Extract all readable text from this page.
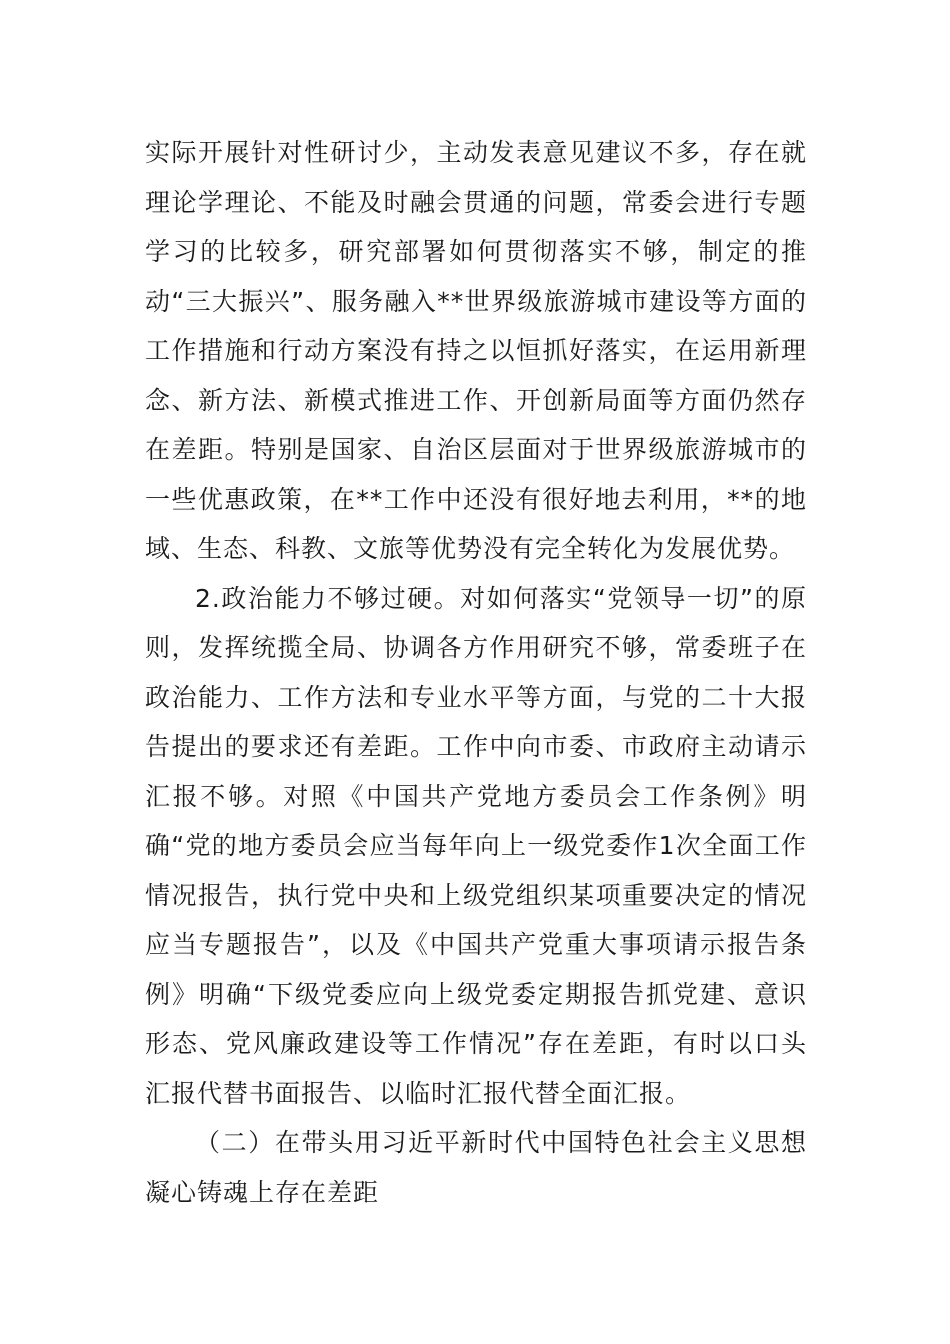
实际开展针对性研讨少，主动发表意见建议不多，存在就理论学理论、不能及时融会贯通的问题，常委会进行专题学习的比较多，研究部署如何贯彻落实不够，制定的推动“三大振兴”、服务融入**世界级旅游城市建设等方面的工作措施和行动方案没有持之以恒抓好落实，在运用新理念、新方法、新模式推进工作、开创新局面等方面仍然存在差距。特别是国家、自治区层面对于世界级旅游城市的一些优惠政策，在**工作中还没有很好地去利用，**的地域、生态、科教、文旅等优势没有完全转化为发展优势。

2.政治能力不够过硬。对如何落实“党领导一切”的原则，发挥统揽全局、协调各方作用研究不够，常委班子在政治能力、工作方法和专业水平等方面，与党的二十大报告提出的要求还有差距。工作中向市委、市政府主动请示汇报不够。对照《中国共产党地方委员会工作条例》明确“党的地方委员会应当每年向上一级党委作1次全面工作情况报告，执行党中央和上级党组织某项重要决定的情况应当专题报告”，以及《中国共产党重大事项请示报告条例》明确“下级党委应向上级党委定期报告抓党建、意识形态、党风廉政建设等工作情况”存在差距，有时以口头汇报代替书面报告、以临时汇报代替全面汇报。

（二）在带头用习近平新时代中国特色社会主义思想凝心铸魂上存在差距
